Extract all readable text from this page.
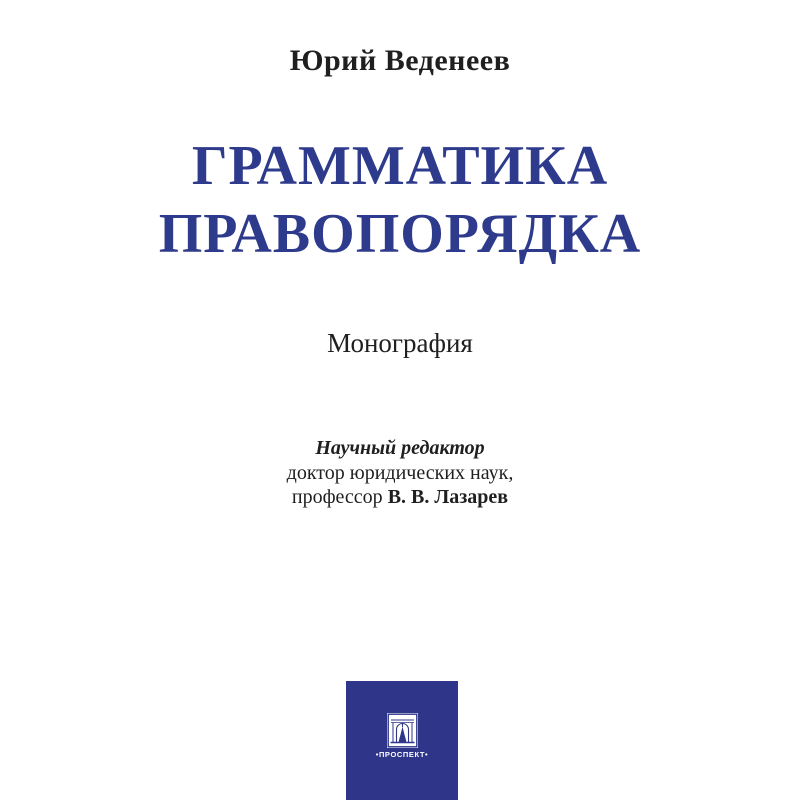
Юрий Веденеев
ГРАММАТИКА
ПРАВОПОРЯДКА
Монография
Научный редактор
доктор юридических наук,
профессор В. В. Лазарев
•ПРОСПЕКТ•
